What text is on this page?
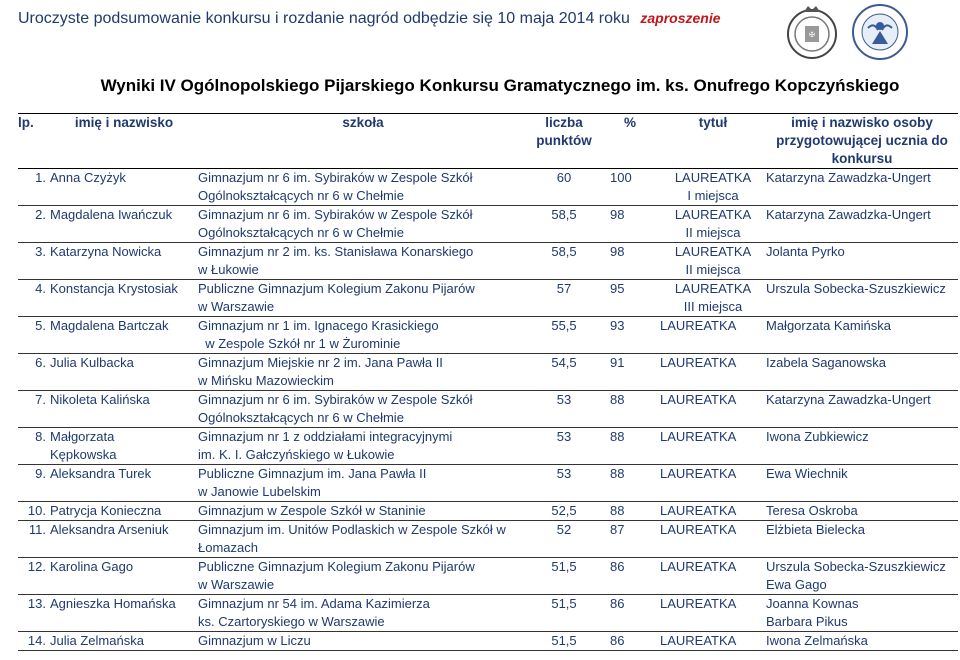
Uroczyste podsumowanie konkursu i rozdanie nagród odbędzie się 10 maja 2014 roku zaproszenie
✠
Wyniki IV Ogólnopolskiego Pijarskiego Konkursu Gramatycznego im. ks. Onufrego Kopczyńskiego
lp.	imię i nazwisko	szkoła	liczba punktów	%	tytuł	imię i nazwisko osoby przygotowującej ucznia do konkursu
1.	Anna Czyżyk	Gimnazjum nr 6 im. Sybiraków w Zespole Szkół
Ogólnokształcących nr 6 w Chełmie	60	100	LAUREATKA
I miejsca	Katarzyna Zawadzka-Ungert
2.	Magdalena Iwańczuk	Gimnazjum nr 6 im. Sybiraków w Zespole Szkół
Ogólnokształcących nr 6 w Chełmie	58,5	98	LAUREATKA
II miejsca	Katarzyna Zawadzka-Ungert
3.	Katarzyna Nowicka	Gimnazjum nr 2 im. ks. Stanisława Konarskiego
w Łukowie	58,5	98	LAUREATKA
II miejsca	Jolanta Pyrko
4.	Konstancja Krystosiak	Publiczne Gimnazjum Kolegium Zakonu Pijarów
w Warszawie	57	95	LAUREATKA
III miejsca	Urszula Sobecka-Szuszkiewicz
5.	Magdalena Bartczak	Gimnazjum nr 1 im. Ignacego Krasickiego
w Zespole Szkół nr 1 w Żurominie	55,5	93	LAUREATKA	Małgorzata Kamińska
6.	Julia Kulbacka	Gimnazjum Miejskie nr 2 im. Jana Pawła II
w Mińsku Mazowieckim	54,5	91	LAUREATKA	Izabela Saganowska
7.	Nikoleta Kalińska	Gimnazjum nr 6 im. Sybiraków w Zespole Szkół
Ogólnokształcących nr 6 w Chełmie	53	88	LAUREATKA	Katarzyna Zawadzka-Ungert
8.	Małgorzata
Kępkowska	Gimnazjum nr 1 z oddziałami integracyjnymi
im. K. I. Gałczyńskiego w Łukowie	53	88	LAUREATKA	Iwona Zubkiewicz
9.	Aleksandra Turek	Publiczne Gimnazjum im. Jana Pawła II
w Janowie Lubelskim	53	88	LAUREATKA	Ewa Wiechnik
10.	Patrycja Konieczna	Gimnazjum w Zespole Szkół w Staninie	52,5	88	LAUREATKA	Teresa Oskroba
11.	Aleksandra Arseniuk	Gimnazjum im. Unitów Podlaskich w Zespole Szkół w
Łomazach	52	87	LAUREATKA	Elżbieta Bielecka
12.	Karolina Gago	Publiczne Gimnazjum Kolegium Zakonu Pijarów
w Warszawie	51,5	86	LAUREATKA	Urszula Sobecka-Szuszkiewicz
Ewa Gago
13.	Agnieszka Homańska	Gimnazjum nr 54 im. Adama Kazimierza
ks. Czartoryskiego w Warszawie	51,5	86	LAUREATKA	Joanna Kownas
Barbara Pikus
14.	Julia Zelmańska	Gimnazjum w Liczu	51,5	86	LAUREATKA	Iwona Zelmańska
